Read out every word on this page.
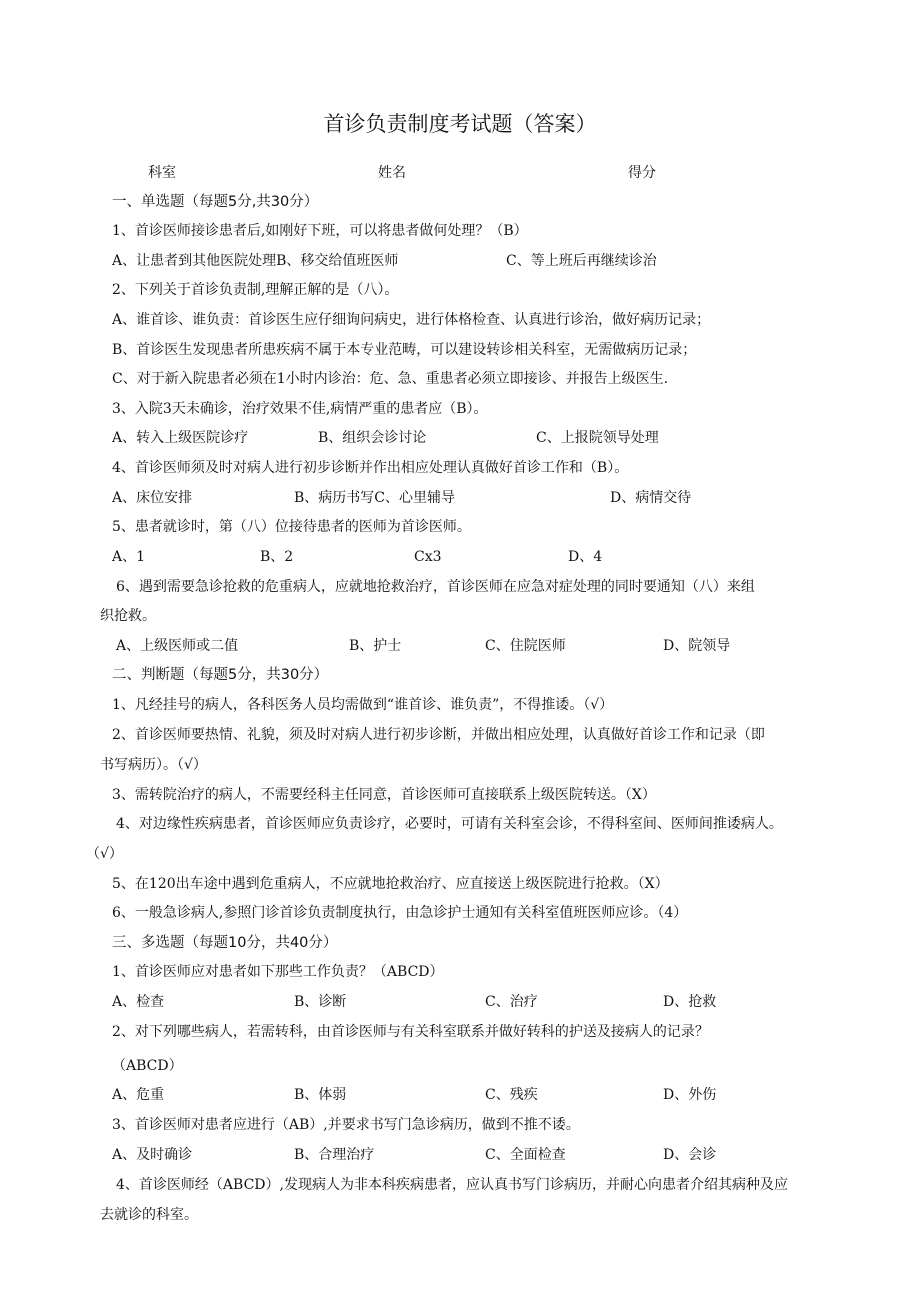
首诊负责制度考试题（答案）
科室	姓名	得分
一、单选题（每题5分,共30分）
1、首诊医师接诊患者后,如刚好下班，可以将患者做何处理？（B）
A、让患者到其他医院处理B、移交给值班医师	C、等上班后再继续诊治
2、下列关于首诊负责制,理解正解的是（八）。
A、谁首诊、谁负责：首诊医生应仔细询问病史，进行体格检查、认真进行诊治，做好病历记录；
B、首诊医生发现患者所患疾病不属于本专业范畴，可以建设转诊相关科室，无需做病历记录；
C、对于新入院患者必须在1小时内诊治：危、急、重患者必须立即接诊、并报告上级医生.
3、入院3天未确诊，治疗效果不佳,病情严重的患者应（B）。
A、转入上级医院诊疗	B、组织会诊讨论	C、上报院领导处理
4、首诊医师须及时对病人进行初步诊断并作出相应处理认真做好首诊工作和（B）。
A、床位安排	B、病历书写C、心里辅导	D、病情交待
5、患者就诊时，第（八）位接待患者的医师为首诊医师。
A、1	B、2	Cx3	D、4
6、遇到需要急诊抢救的危重病人，应就地抢救治疗，首诊医师在应急对症处理的同时要通知（八）来组
织抢救。
A、上级医师或二值	B、护士	C、住院医师	D、院领导
二、判断题（每题5分，共30分）
1、凡经挂号的病人，各科医务人员均需做到“谁首诊、谁负责”，不得推诿。（√）
2、首诊医师要热情、礼貌，须及时对病人进行初步诊断，并做出相应处理，认真做好首诊工作和记录（即
书写病历）。（√）
3、需转院治疗的病人，不需要经科主任同意，首诊医师可直接联系上级医院转送。（X）
4、对边缘性疾病患者，首诊医师应负责诊疗，必要时，可请有关科室会诊，不得科室间、医师间推诿病人。
（√）
5、在120出车途中遇到危重病人，不应就地抢救治疗、应直接送上级医院进行抢救。（X）
6、一般急诊病人,参照门诊首诊负责制度执行，由急诊护士通知有关科室值班医师应诊。（4）
三、多选题（每题10分，共40分）
1、首诊医师应对患者如下那些工作负责？（ABCD）
A、检查	B、诊断	C、治疗	D、抢救
2、对下列哪些病人，若需转科，由首诊医师与有关科室联系并做好转科的护送及接病人的记录？
（ABCD）
A、危重	B、体弱	C、残疾	D、外伤
3、首诊医师对患者应进行（AB）,并要求书写门急诊病历，做到不推不诿。
A、及时确诊	B、合理治疗	C、全面检查	D、会诊
4、首诊医师经（ABCD）,发现病人为非本科疾病患者，应认真书写门诊病历，并耐心向患者介绍其病种及应
去就诊的科室。
